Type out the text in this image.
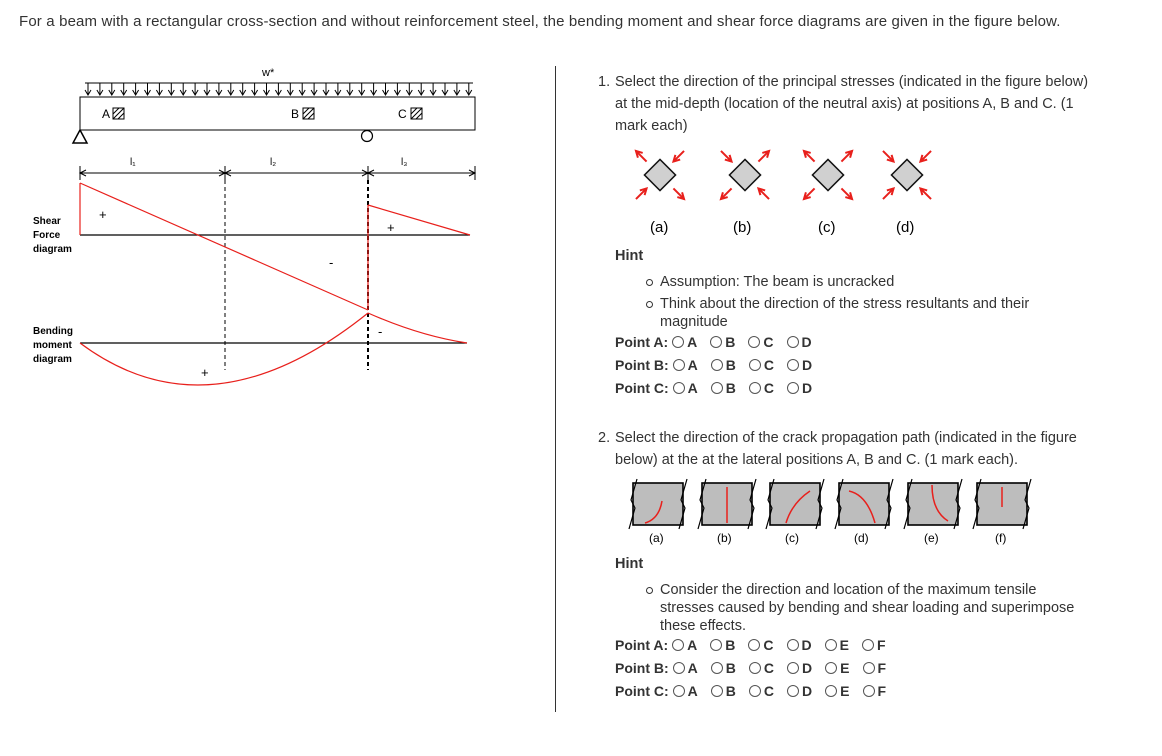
For a beam with a rectangular cross-section and without reinforcement steel, the bending moment and shear force diagrams are given in the figure below.
w*
A	B	C
l₁	l₂	l₃
Shear Force diagram
+
+
-
Bending moment diagram
+
-
1. Select the direction of the principal stresses (indicated in the figure below) at the mid-depth (location of the neutral axis) at positions A, B and C. (1 mark each)
(a)	(b)	(c)	(d)
Hint
Assumption: The beam is uncracked
Think about the direction of the stress resultants and their magnitude
Point A: A B C D
Point B: A B C D
Point C: A B C D
2. Select the direction of the crack propagation path (indicated in the figure below) at the at the lateral positions A, B and C. (1 mark each).
(a)	(b)	(c)	(d)	(e)	(f)
Hint
Consider the direction and location of the maximum tensile stresses caused by bending and shear loading and superimpose these effects.
Point A: A B C D E F
Point B: A B C D E F
Point C: A B C D E F
